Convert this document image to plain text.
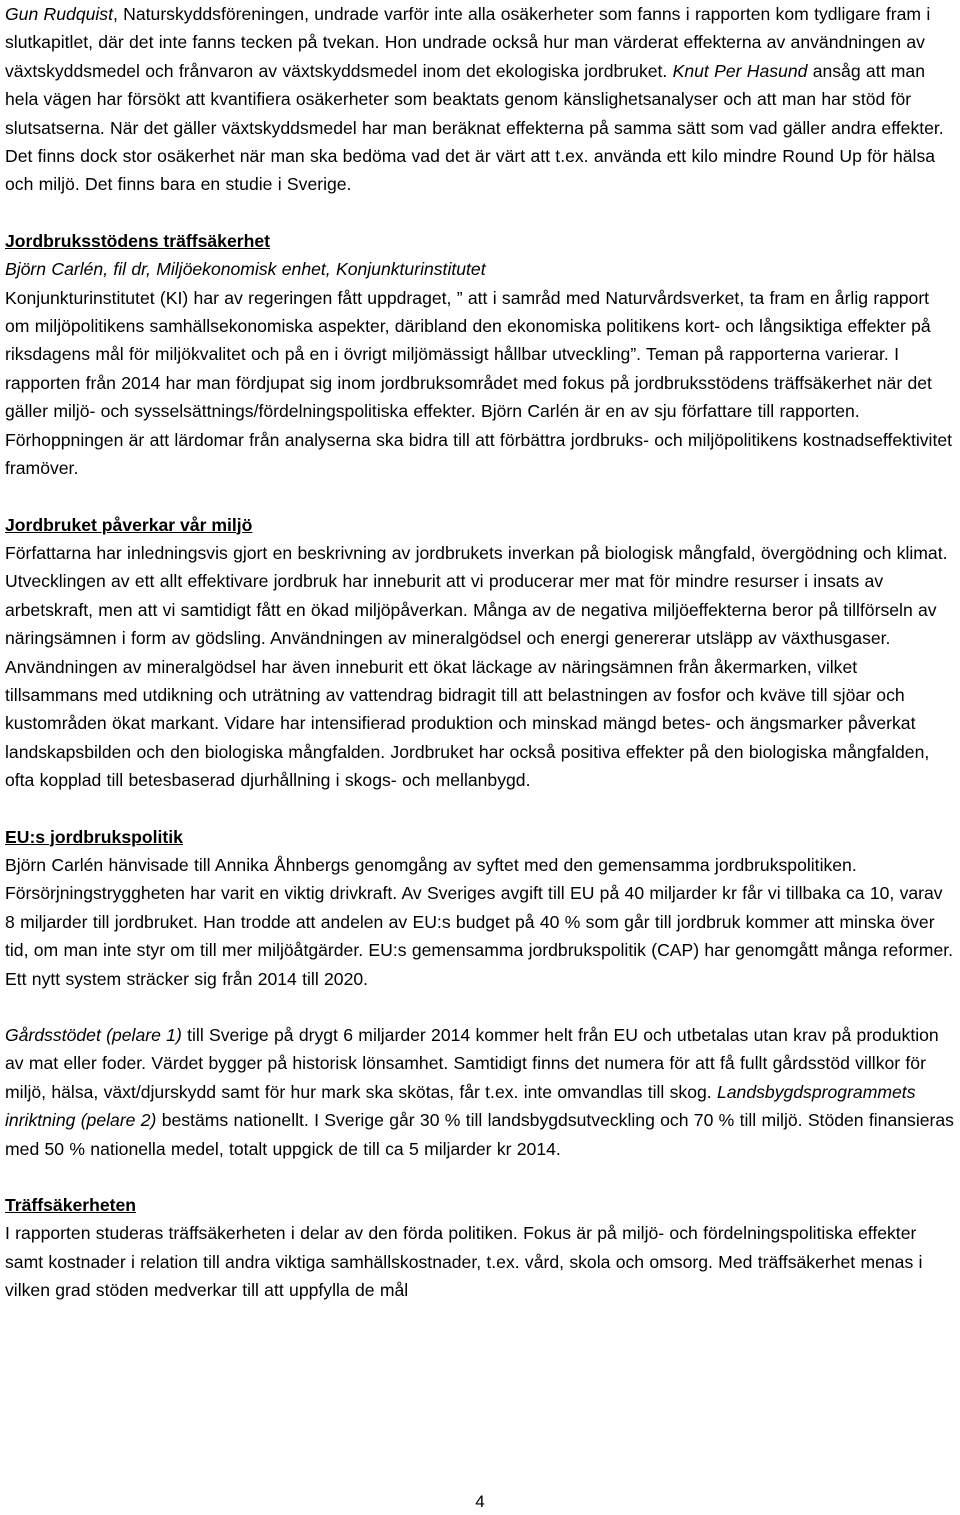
Gun Rudquist, Naturskyddsföreningen, undrade varför inte alla osäkerheter som fanns i rapporten kom tydligare fram i slutkapitlet, där det inte fanns tecken på tvekan. Hon undrade också hur man värderat effekterna av användningen av växtskyddsmedel och frånvaron av växtskyddsmedel inom det ekologiska jordbruket. Knut Per Hasund ansåg att man hela vägen har försökt att kvantifiera osäkerheter som beaktats genom känslighetsanalyser och att man har stöd för slutsatserna. När det gäller växtskyddsmedel har man beräknat effekterna på samma sätt som vad gäller andra effekter. Det finns dock stor osäkerhet när man ska bedöma vad det är värt att t.ex. använda ett kilo mindre Round Up för hälsa och miljö. Det finns bara en studie i Sverige.

Jordbruksstödens träffsäkerhet

Björn Carlén, fil dr, Miljöekonomisk enhet, Konjunkturinstitutet

Konjunkturinstitutet (KI) har av regeringen fått uppdraget, ” att i samråd med Naturvårdsverket, ta fram en årlig rapport om miljöpolitikens samhällsekonomiska aspekter, däribland den ekonomiska politikens kort- och långsiktiga effekter på riksdagens mål för miljökvalitet och på en i övrigt miljömässigt hållbar utveckling”. Teman på rapporterna varierar. I rapporten från 2014 har man fördjupat sig inom jordbruksområdet med fokus på jordbruksstödens träffsäkerhet när det gäller miljö- och sysselsättnings/fördelningspolitiska effekter. Björn Carlén är en av sju författare till rapporten. Förhoppningen är att lärdomar från analyserna ska bidra till att förbättra jordbruks- och miljöpolitikens kostnadseffektivitet framöver.

Jordbruket påverkar vår miljö

Författarna har inledningsvis gjort en beskrivning av jordbrukets inverkan på biologisk mångfald, övergödning och klimat. Utvecklingen av ett allt effektivare jordbruk har inneburit att vi producerar mer mat för mindre resurser i insats av arbetskraft, men att vi samtidigt fått en ökad miljöpåverkan. Många av de negativa miljöeffekterna beror på tillförseln av näringsämnen i form av gödsling. Användningen av mineralgödsel och energi genererar utsläpp av växthusgaser. Användningen av mineralgödsel har även inneburit ett ökat läckage av näringsämnen från åkermarken, vilket tillsammans med utdikning och uträtning av vattendrag bidragit till att belastningen av fosfor och kväve till sjöar och kustområden ökat markant. Vidare har intensifierad produktion och minskad mängd betes- och ängsmarker påverkat landskapsbilden och den biologiska mångfalden. Jordbruket har också positiva effekter på den biologiska mångfalden, ofta kopplad till betesbaserad djurhållning i skogs- och mellanbygd.

EU:s jordbrukspolitik

Björn Carlén hänvisade till Annika Åhnbergs genomgång av syftet med den gemensamma jordbrukspolitiken. Försörjningstryggheten har varit en viktig drivkraft. Av Sveriges avgift till EU på 40 miljarder kr får vi tillbaka ca 10, varav 8 miljarder till jordbruket. Han trodde att andelen av EU:s budget på 40 % som går till jordbruk kommer att minska över tid, om man inte styr om till mer miljöåtgärder. EU:s gemensamma jordbrukspolitik (CAP) har genomgått många reformer. Ett nytt system sträcker sig från 2014 till 2020.

Gårdsstödet (pelare 1) till Sverige på drygt 6 miljarder 2014 kommer helt från EU och utbetalas utan krav på produktion av mat eller foder. Värdet bygger på historisk lönsamhet. Samtidigt finns det numera för att få fullt gårdsstöd villkor för miljö, hälsa, växt/djurskydd samt för hur mark ska skötas, får t.ex. inte omvandlas till skog. Landsbygdsprogrammets inriktning (pelare 2) bestäms nationellt. I Sverige går 30 % till landsbygdsutveckling och 70 % till miljö. Stöden finansieras med 50 % nationella medel, totalt uppgick de till ca 5 miljarder kr 2014.

Träffsäkerheten

I rapporten studeras träffsäkerheten i delar av den förda politiken. Fokus är på miljö- och fördelningspolitiska effekter samt kostnader i relation till andra viktiga samhällskostnader, t.ex. vård, skola och omsorg. Med träffsäkerhet menas i vilken grad stöden medverkar till att uppfylla de mål

4
